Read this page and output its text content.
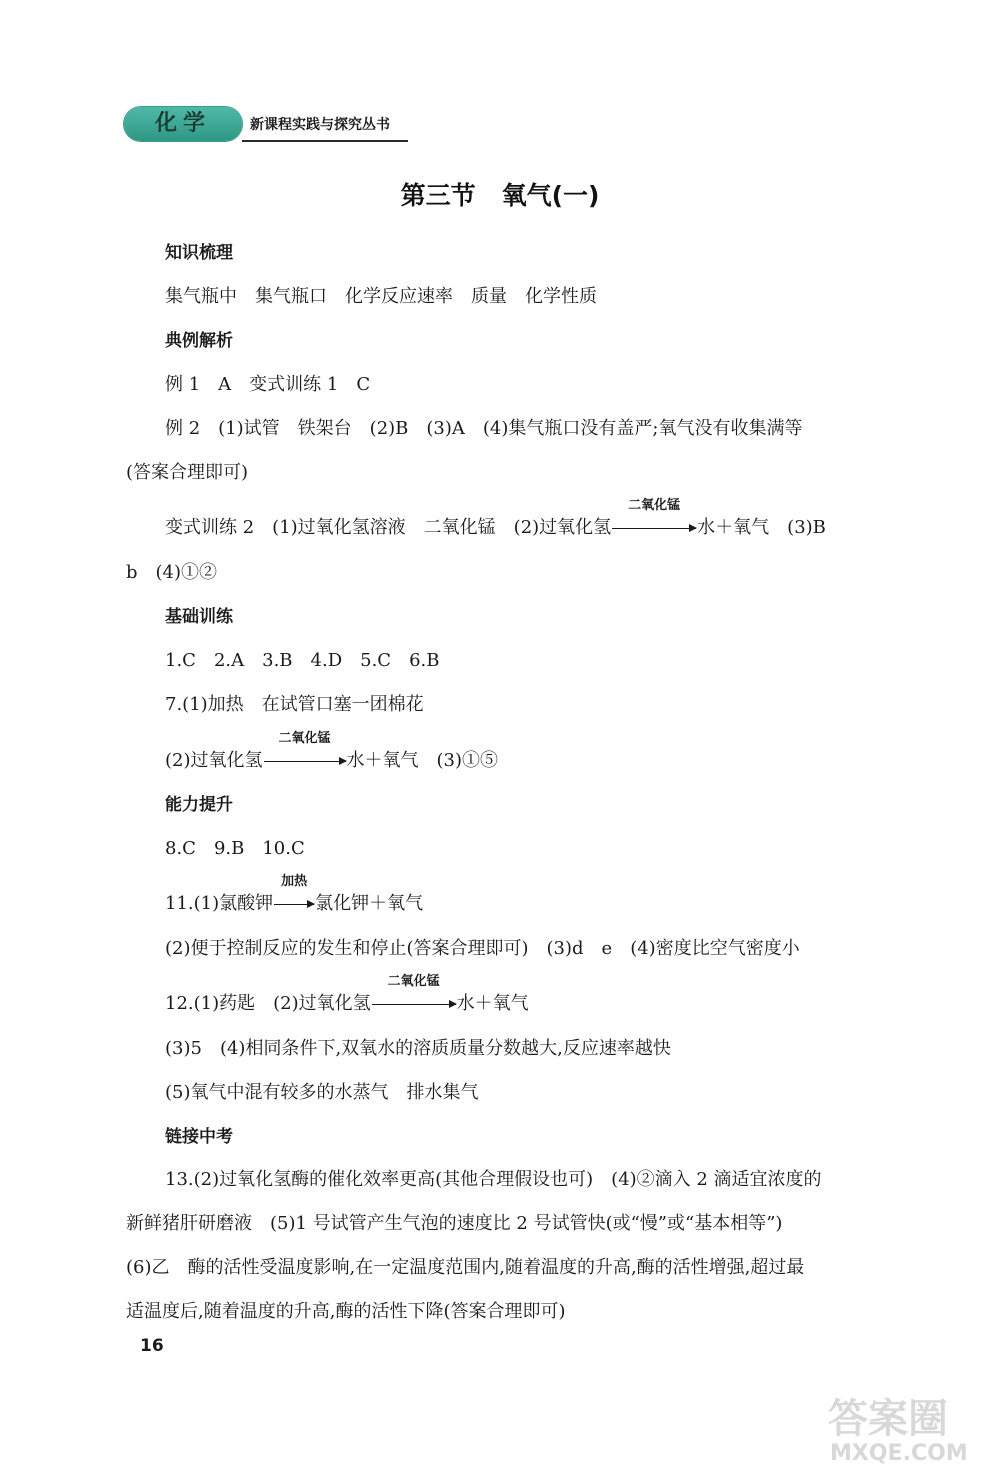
化学	新课程实践与探究丛书
第三节 氧气(一)
知识梳理
集气瓶中　集气瓶口　化学反应速率　质量　化学性质
典例解析
例 1　A　变式训练 1　C
例 2　(1)试管　铁架台　(2)B　(3)A　(4)集气瓶口没有盖严;氧气没有收集满等
(答案合理即可)
变式训练 2　(1)过氧化氢溶液　二氧化锰　(2)过氧化氢
二氧化锰
水＋氧气　(3)B
b　(4)①②
基础训练
1.C　2.A　3.B　4.D　5.C　6.B
7.(1)加热　在试管口塞一团棉花
(2)过氧化氢
二氧化锰
水＋氧气　(3)①⑤
能力提升
8.C　9.B　10.C
11.(1)氯酸钾
加热
氯化钾＋氧气
(2)便于控制反应的发生和停止(答案合理即可)　(3)d　e　(4)密度比空气密度小
12.(1)药匙　(2)过氧化氢
二氧化锰
水＋氧气
(3)5　(4)相同条件下,双氧水的溶质质量分数越大,反应速率越快
(5)氧气中混有较多的水蒸气　排水集气
链接中考
13.(2)过氧化氢酶的催化效率更高(其他合理假设也可)　(4)②滴入 2 滴适宜浓度的
新鲜猪肝研磨液　(5)1 号试管产生气泡的速度比 2 号试管快(或“慢”或“基本相等”)
(6)乙　酶的活性受温度影响,在一定温度范围内,随着温度的升高,酶的活性增强,超过最
适温度后,随着温度的升高,酶的活性下降(答案合理即可)
16
答案圈
MXQE.COM
